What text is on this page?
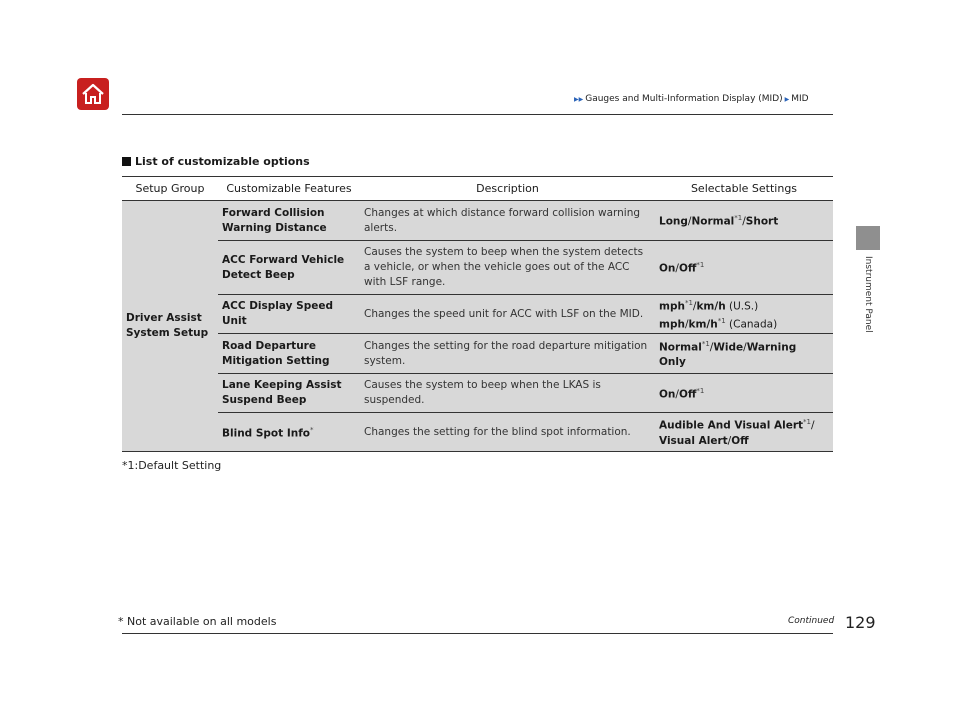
▶▶ Gauges and Multi-Information Display (MID) ▶ MID
Instrument Panel
List of customizable options
Setup Group	Customizable Features	Description	Selectable Settings
Driver Assist System Setup	Forward Collision Warning Distance	Changes at which distance forward collision warning alerts.	Long/Normal$^{*1}$/Short
	ACC Forward Vehicle Detect Beep	Causes the system to beep when the system detects a vehicle, or when the vehicle goes out of the ACC with LSF range.	On/Off$^{*1}$
	ACC Display Speed Unit	Changes the speed unit for ACC with LSF on the MID.	mph$^{*1}$/km/h (U.S.)
mph/$km/h^{*1}$ (Canada)
	Road Departure Mitigation Setting	Changes the setting for the road departure mitigation system.	Normal$^{*1}$/Wide/Warning
Only
	Lane Keeping Assist Suspend Beep	Causes the system to beep when the LKAS is suspended.	On/Off$^{*1}$
	Blind Spot Info*	Changes the setting for the blind spot information.	Audible And Visual Alert$^{*1}$/
Visual Alert/Off
*1:Default Setting
* Not available on all models	Continued 129
